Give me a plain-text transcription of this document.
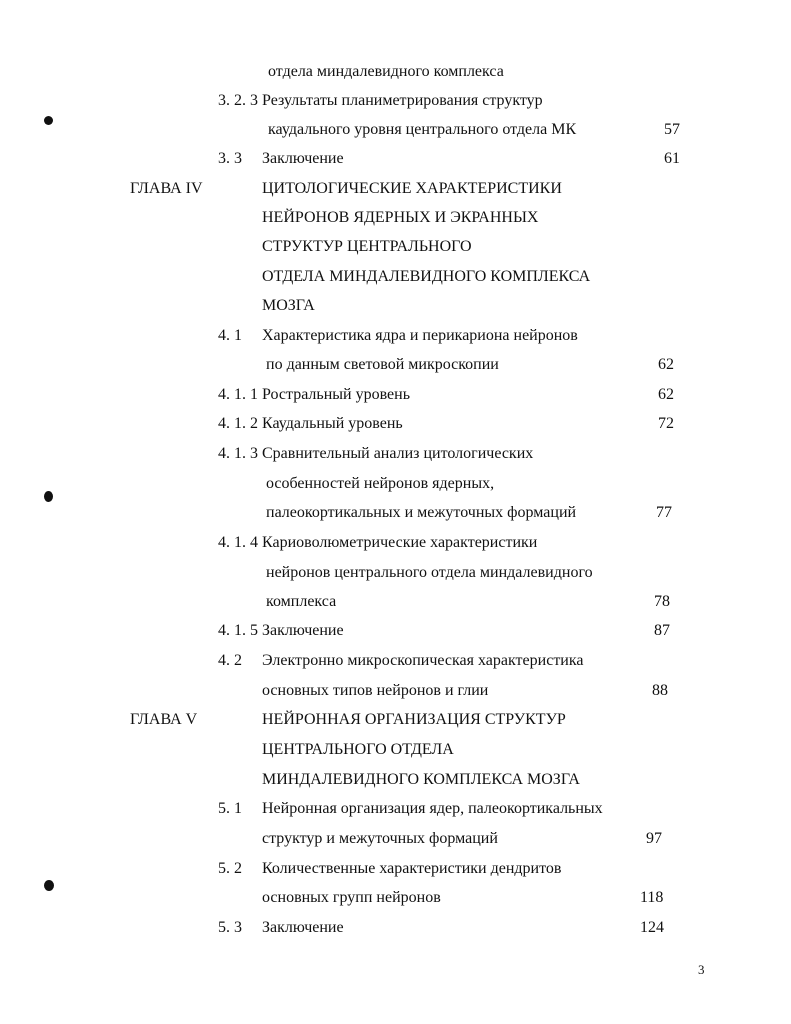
отдела миндалевидного комплекса
3. 2. 3 Результаты планиметрирования структур
каудального уровня центрального отдела МК	57
3. 3 Заключение	61
ГЛАВА IV	ЦИТОЛОГИЧЕСКИЕ ХАРАКТЕРИСТИКИ
НЕЙРОНОВ ЯДЕРНЫХ И ЭКРАННЫХ
СТРУКТУР ЦЕНТРАЛЬНОГО
ОТДЕЛА МИНДАЛЕВИДНОГО КОМПЛЕКСА
МОЗГА
4. 1 Характеристика ядра и перикариона нейронов
по данным световой микроскопии	62
4. 1. 1 Ростральный уровень	62
4. 1. 2 Каудальный уровень	72
4. 1. 3 Сравнительный анализ цитологических
особенностей нейронов ядерных,
палеокортикальных и межуточных формаций	77
4. 1. 4 Кариоволюметрические характеристики
нейронов центрального отдела миндалевидного
комплекса	78
4. 1. 5 Заключение	87
4. 2 Электронно микроскопическая характеристика
основных типов нейронов и глии	88
ГЛАВА V	НЕЙРОННАЯ ОРГАНИЗАЦИЯ СТРУКТУР
ЦЕНТРАЛЬНОГО ОТДЕЛА
МИНДАЛЕВИДНОГО КОМПЛЕКСА МОЗГА
5. 1 Нейронная организация ядер, палеокортикальных
структур и межуточных формаций	97
5. 2 Количественные характеристики дендритов
основных групп нейронов	118
5. 3 Заключение	124
3
